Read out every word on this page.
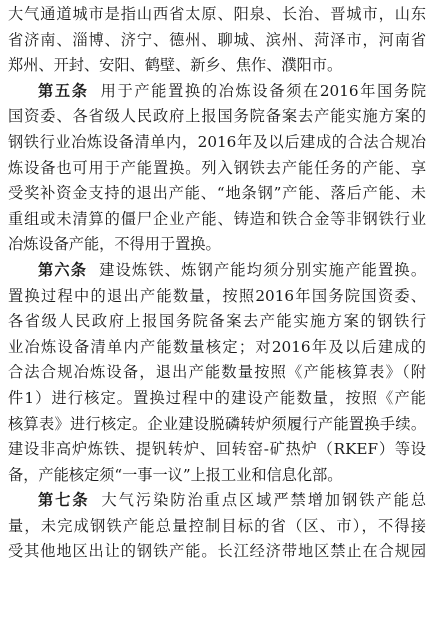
大气通道城市是指山西省太原、阳泉、长治、晋城市，山东
省济南、淄博、济宁、德州、聊城、滨州、菏泽市，河南省
郑州、开封、安阳、鹤壁、新乡、焦作、濮阳市。
第五条 用于产能置换的冶炼设备须在2016年国务院
国资委、各省级人民政府上报国务院备案去产能实施方案的
钢铁行业冶炼设备清单内，2016年及以后建成的合法合规冶
炼设备也可用于产能置换。列入钢铁去产能任务的产能、享
受奖补资金支持的退出产能、“地条钢”产能、落后产能、未
重组或未清算的僵尸企业产能、铸造和铁合金等非钢铁行业
冶炼设备产能，不得用于置换。
第六条 建设炼铁、炼钢产能均须分别实施产能置换。
置换过程中的退出产能数量，按照2016年国务院国资委、
各省级人民政府上报国务院备案去产能实施方案的钢铁行
业冶炼设备清单内产能数量核定；对2016年及以后建成的
合法合规冶炼设备，退出产能数量按照《产能核算表》（附
件1）进行核定。置换过程中的建设产能数量，按照《产能
核算表》进行核定。企业建设脱磷转炉须履行产能置换手续。
建设非高炉炼铁、提钒转炉、回转窑-矿热炉（RKEF）等设
备，产能核定须“一事一议”上报工业和信息化部。
第七条 大气污染防治重点区域严禁增加钢铁产能总
量，未完成钢铁产能总量控制目标的省（区、市），不得接
受其他地区出让的钢铁产能。长江经济带地区禁止在合规园
